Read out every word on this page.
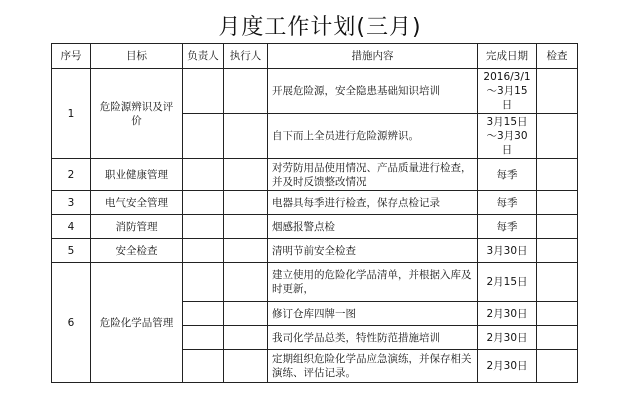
月度工作计划(三月)
序号	目标	负责人	执行人	措施内容	完成日期	检查
1	危险源辨识及评价			开展危险源，安全隐患基础知识培训	2016/3/1～3月15日	
				自下而上全员进行危险源辨识。	3月15日～3月30日	
2	职业健康管理			对劳防用品使用情况、产品质量进行检查，并及时反馈整改情况	每季	
3	电气安全管理			电器具每季进行检查，保存点检记录	每季	
4	消防管理			烟感报警点检	每季	
5	安全检查			清明节前安全检查	3月30日	
6	危险化学品管理			建立使用的危险化学品清单，并根据入库及时更新，	2月15日	
				修订仓库四牌一图	2月30日	
				我司化学品总类，特性防范措施培训	2月30日	
				定期组织危险化学品应急演练，并保存相关演练、评估记录。	2月30日	
